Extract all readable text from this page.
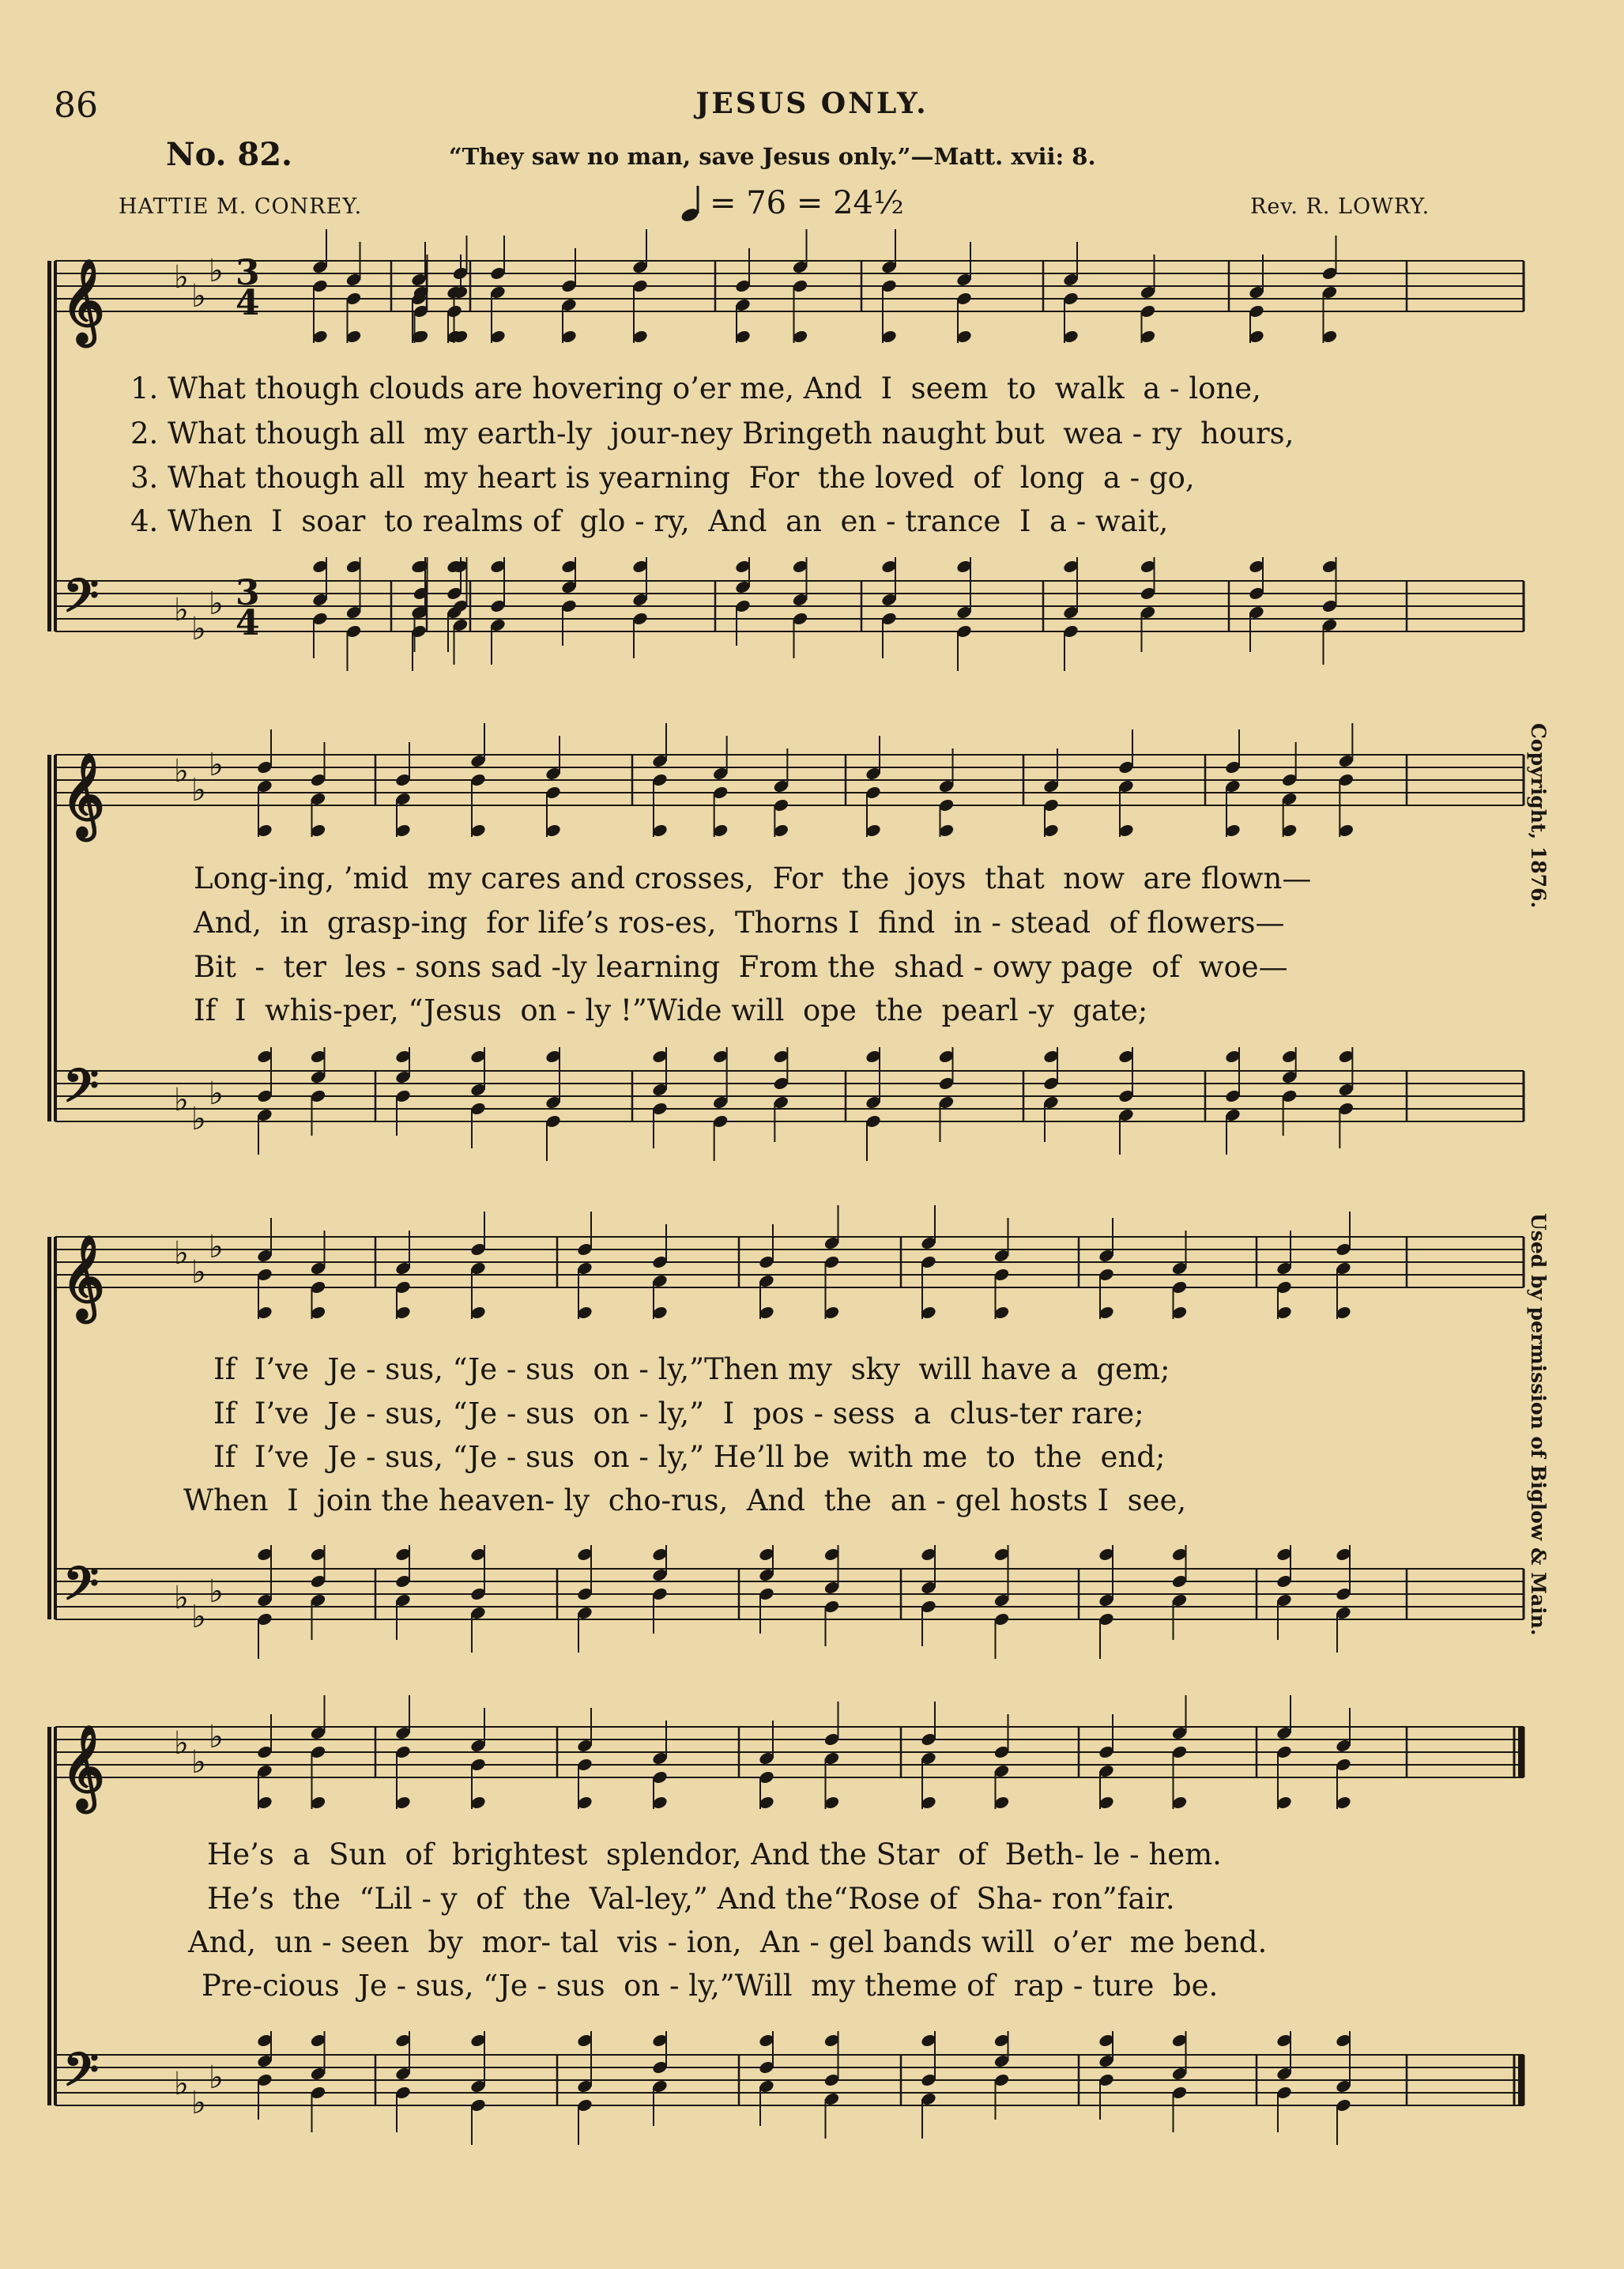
86	JESUS ONLY.
No. 82.	“They saw no man, save Jesus only.”—Matt. xvii: 8.
HATTIE M. CONREY.	= 76 = 24½	Rev. R. LOWRY.
Copyright, 1876.
Used by permission of Biglow & Main.
𝄞 ♭
♭
♭ 3
4
𝄢 ♭
♭
♭ 3
4
𝄞 ♭
♭
♭
𝄢 ♭
♭
♭
𝄞 ♭
♭
♭
𝄢 ♭
♭
♭
𝄞 ♭
♭
♭
𝄢 ♭
♭
♭
1. What though clouds are hovering o’er me, And  I  seem  to  walk  a - lone,
2. What though all  my earth-ly  jour-ney Bringeth naught but  wea - ry  hours,
3. What though all  my heart is yearning  For  the loved  of  long  a - go,
4. When  I  soar  to realms of  glo - ry,  And  an  en - trance  I  a - wait,
Long-ing, ’mid  my cares and crosses,  For  the  joys  that  now  are flown—
And,  in  grasp-ing  for life’s ros-es,  Thorns I  find  in - stead  of flowers—
Bit  -  ter  les - sons sad -ly learning  From the  shad - owy page  of  woe—
If  I  whis-per, “Jesus  on - ly !”Wide will  ope  the  pearl -y  gate;
If  I’ve  Je - sus, “Je - sus  on - ly,”Then my  sky  will have a  gem;
If  I’ve  Je - sus, “Je - sus  on - ly,”  I  pos - sess  a  clus-ter rare;
If  I’ve  Je - sus, “Je - sus  on - ly,” He’ll be  with me  to  the  end;
When  I  join the heaven- ly  cho-rus,  And  the  an - gel hosts I  see,
He’s  a  Sun  of  brightest  splendor, And the Star  of  Beth- le - hem.
He’s  the  “Lil - y  of  the  Val-ley,” And the“Rose of  Sha- ron”fair.
And,  un - seen  by  mor- tal  vis - ion,  An - gel bands will  o’er  me bend.
Pre-cious  Je - sus, “Je - sus  on - ly,”Will  my theme of  rap - ture  be.
